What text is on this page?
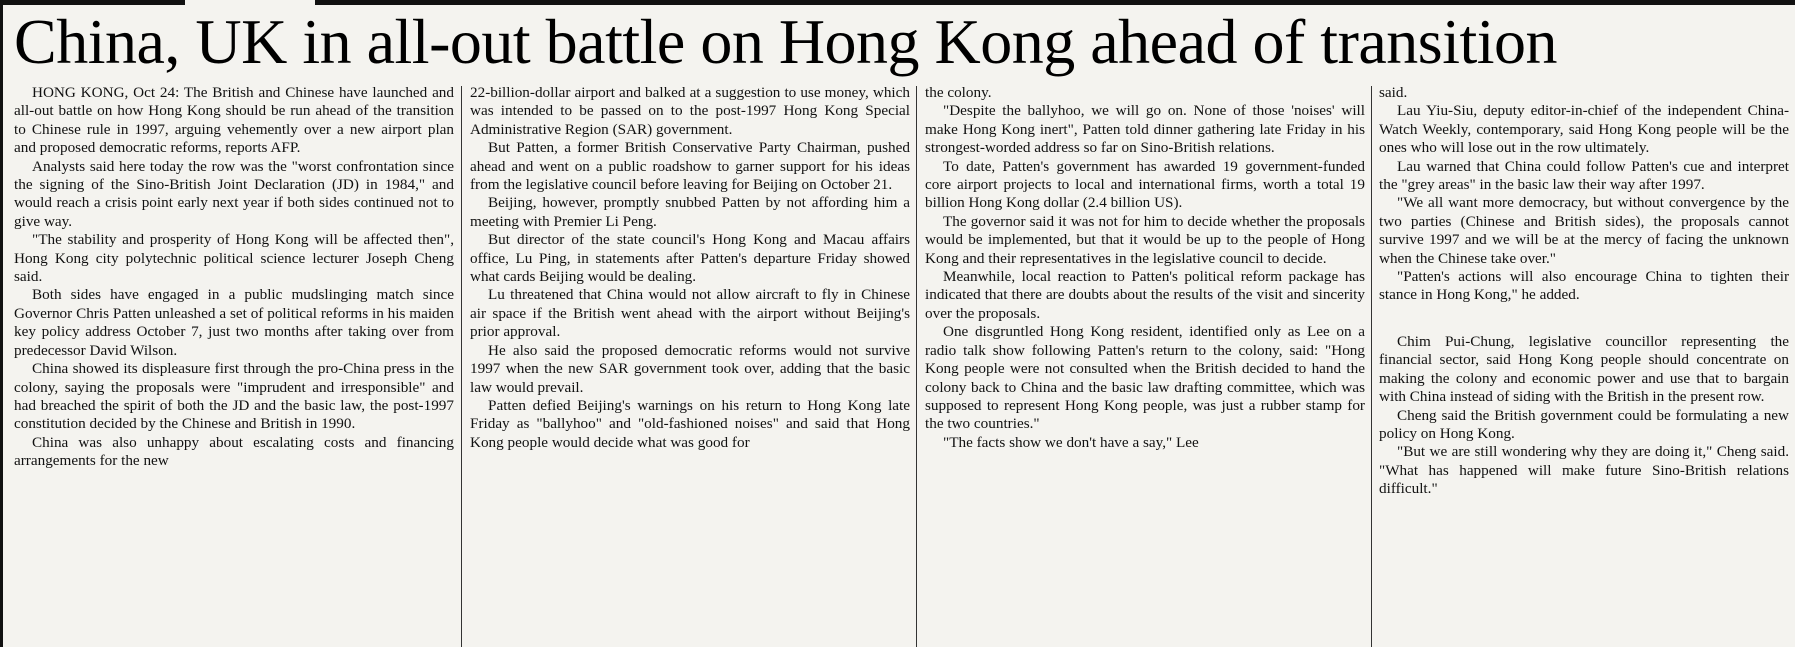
China, UK in all-out battle on Hong Kong ahead of transition

HONG KONG, Oct 24: The British and Chinese have launched and all-out battle on how Hong Kong should be run ahead of the transition to Chinese rule in 1997, arguing vehemently over a new airport plan and proposed democratic reforms, reports AFP.

Analysts said here today the row was the "worst confrontation since the signing of the Sino-British Joint Declaration (JD) in 1984," and would reach a crisis point early next year if both sides continued not to give way.

"The stability and prosperity of Hong Kong will be affected then", Hong Kong city polytechnic political science lecturer Joseph Cheng said.

Both sides have engaged in a public mudslinging match since Governor Chris Patten unleashed a set of political reforms in his maiden key policy address October 7, just two months after taking over from predecessor David Wilson.

China showed its displeasure first through the pro-China press in the colony, saying the proposals were "imprudent and irresponsible" and had breached the spirit of both the JD and the basic law, the post-1997 constitution decided by the Chinese and British in 1990.

China was also unhappy about escalating costs and financing arrangements for the new

22-billion-dollar airport and balked at a suggestion to use money, which was intended to be passed on to the post-1997 Hong Kong Special Administrative Region (SAR) government.

But Patten, a former British Conservative Party Chairman, pushed ahead and went on a public roadshow to garner support for his ideas from the legislative council before leaving for Beijing on October 21.

Beijing, however, promptly snubbed Patten by not affording him a meeting with Premier Li Peng.

But director of the state council's Hong Kong and Macau affairs office, Lu Ping, in statements after Patten's departure Friday showed what cards Beijing would be dealing.

Lu threatened that China would not allow aircraft to fly in Chinese air space if the British went ahead with the airport without Beijing's prior approval.

He also said the proposed democratic reforms would not survive 1997 when the new SAR government took over, adding that the basic law would prevail.

Patten defied Beijing's warnings on his return to Hong Kong late Friday as "ballyhoo" and "old-fashioned noises" and said that Hong Kong people would decide what was good for

the colony.

"Despite the ballyhoo, we will go on. None of those 'noises' will make Hong Kong inert", Patten told dinner gathering late Friday in his strongest-worded address so far on Sino-British relations.

To date, Patten's government has awarded 19 government-funded core airport projects to local and international firms, worth a total 19 billion Hong Kong dollar (2.4 billion US).

The governor said it was not for him to decide whether the proposals would be implemented, but that it would be up to the people of Hong Kong and their representatives in the legislative council to decide.

Meanwhile, local reaction to Patten's political reform package has indicated that there are doubts about the results of the visit and sincerity over the proposals.

One disgruntled Hong Kong resident, identified only as Lee on a radio talk show following Patten's return to the colony, said: "Hong Kong people were not consulted when the British decided to hand the colony back to China and the basic law drafting committee, which was supposed to represent Hong Kong people, was just a rubber stamp for the two countries."

"The facts show we don't have a say," Lee

said.

Lau Yiu-Siu, deputy editor-in-chief of the independent China-Watch Weekly, contemporary, said Hong Kong people will be the ones who will lose out in the row ultimately.

Lau warned that China could follow Patten's cue and interpret the "grey areas" in the basic law their way after 1997.

"We all want more democracy, but without convergence by the two parties (Chinese and British sides), the proposals cannot survive 1997 and we will be at the mercy of facing the unknown when the Chinese take over."

"Patten's actions will also encourage China to tighten their stance in Hong Kong," he added.

Chim Pui-Chung, legislative councillor representing the financial sector, said Hong Kong people should concentrate on making the colony and economic power and use that to bargain with China instead of siding with the British in the present row.

Cheng said the British government could be formulating a new policy on Hong Kong.

"But we are still wondering why they are doing it," Cheng said. "What has happened will make future Sino-British relations difficult."
